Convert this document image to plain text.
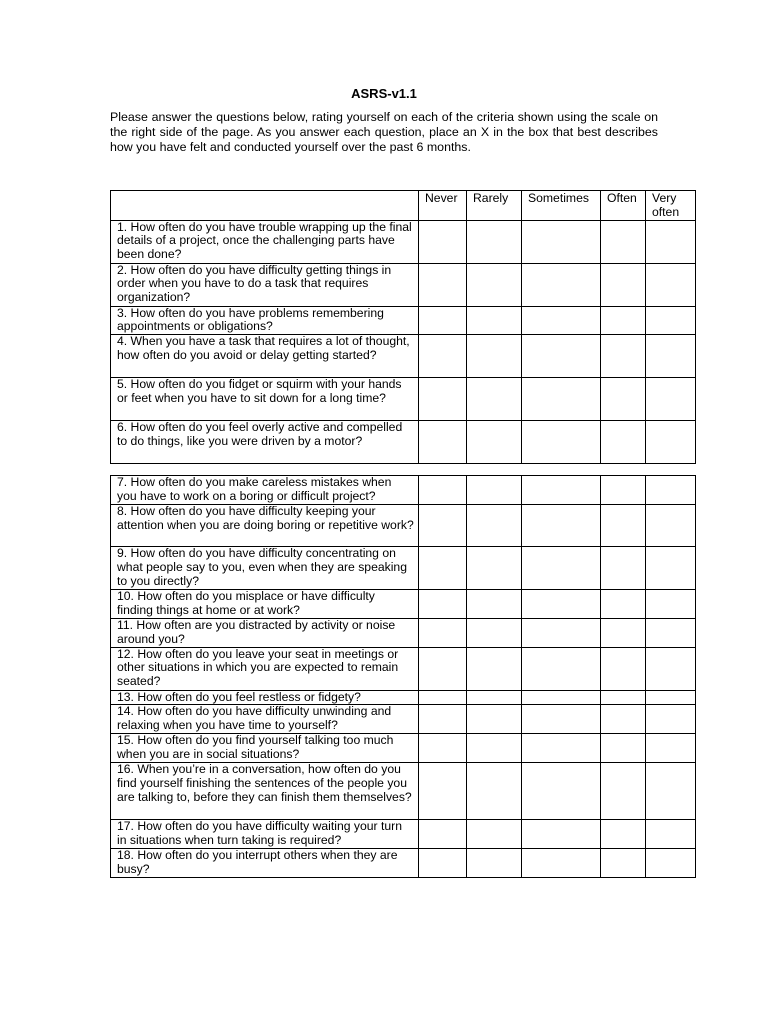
ASRS-v1.1
Please answer the questions below, rating yourself on each of the criteria shown using the scale on the right side of the page. As you answer each question, place an X in the box that best describes how you have felt and conducted yourself over the past 6 months.
	Never	Rarely	Sometimes	Often	Very often
1. How often do you have trouble wrapping up the final details of a project, once the challenging parts have been done?					
2. How often do you have difficulty getting things in order when you have to do a task that requires organization?					
3. How often do you have problems remembering appointments or obligations?					
4. When you have a task that requires a lot of thought, how often do you avoid or delay getting started?					
5. How often do you fidget or squirm with your hands or feet when you have to sit down for a long time?					
6. How often do you feel overly active and compelled to do things, like you were driven by a motor?					
7. How often do you make careless mistakes when you have to work on a boring or difficult project?					
8. How often do you have difficulty keeping your attention when you are doing boring or repetitive work?					
9. How often do you have difficulty concentrating on what people say to you, even when they are speaking to you directly?					
10. How often do you misplace or have difficulty finding things at home or at work?					
11. How often are you distracted by activity or noise around you?					
12. How often do you leave your seat in meetings or other situations in which you are expected to remain seated?					
13. How often do you feel restless or fidgety?					
14. How often do you have difficulty unwinding and relaxing when you have time to yourself?					
15. How often do you find yourself talking too much when you are in social situations?					
16. When you’re in a conversation, how often do you find yourself finishing the sentences of the people you are talking to, before they can finish them themselves?					
17. How often do you have difficulty waiting your turn in situations when turn taking is required?					
18. How often do you interrupt others when they are busy?					
